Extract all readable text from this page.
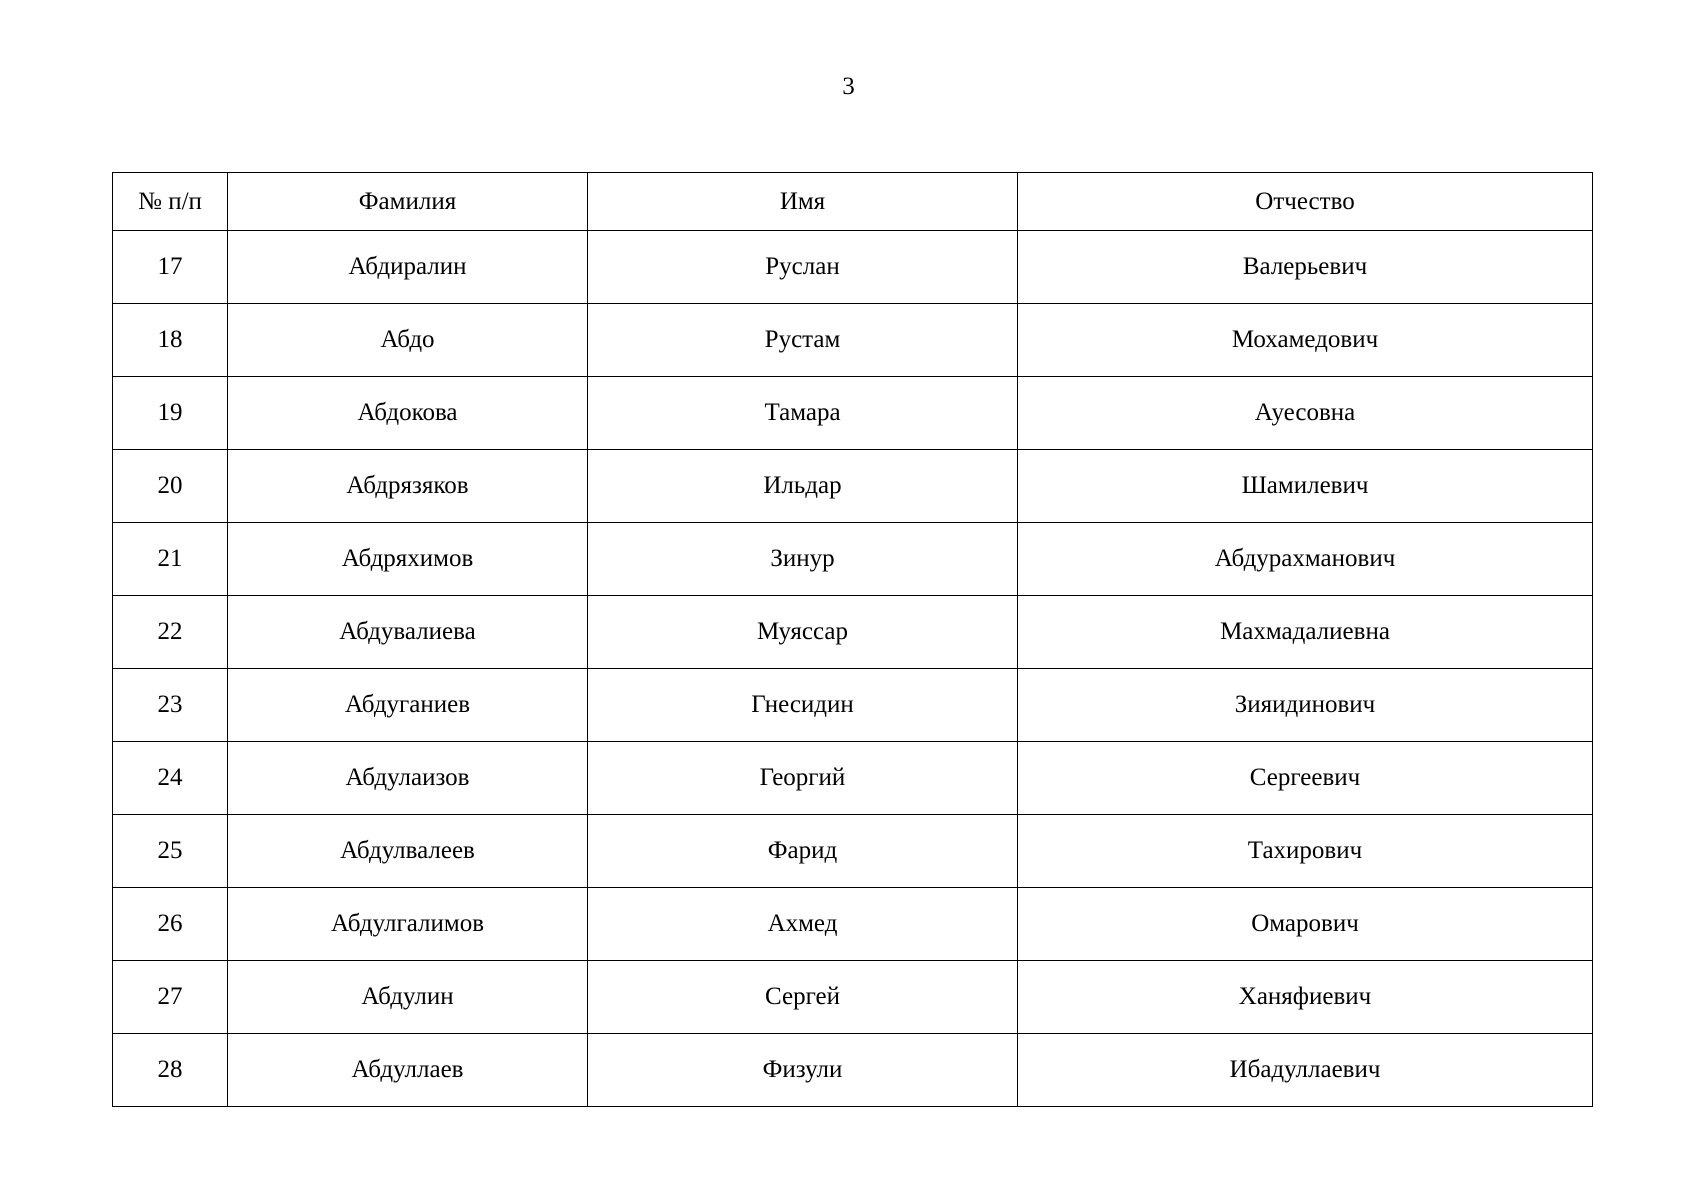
3
№ п/п	Фамилия	Имя	Отчество
17	Абдиралин	Руслан	Валерьевич
18	Абдо	Рустам	Мохамедович
19	Абдокова	Тамара	Ауесовна
20	Абдрязяков	Ильдар	Шамилевич
21	Абдряхимов	Зинур	Абдурахманович
22	Абдувалиева	Муяссар	Махмадалиевна
23	Абдуганиев	Гнесидин	Зияидинович
24	Абдулаизов	Георгий	Сергеевич
25	Абдулвалеев	Фарид	Тахирович
26	Абдулгалимов	Ахмед	Омарович
27	Абдулин	Сергей	Ханяфиевич
28	Абдуллаев	Физули	Ибадуллаевич
